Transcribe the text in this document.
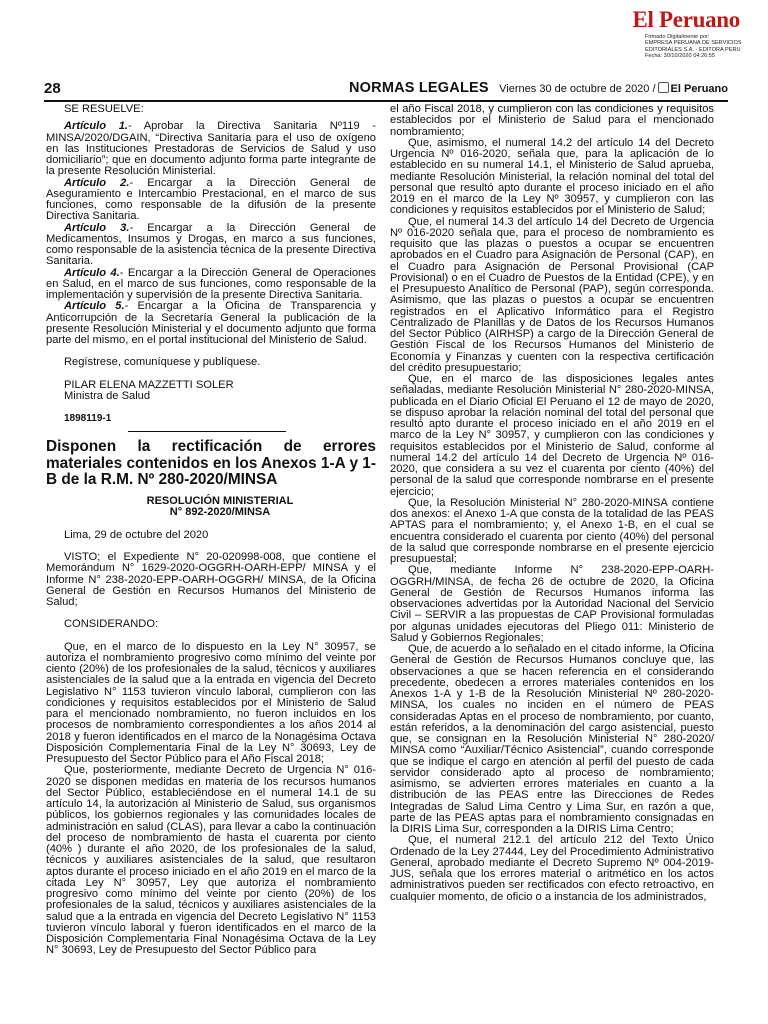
El Peruano
Firmado Digitalmente por:
EMPRESA PERUANA DE SERVICIOS
EDITORIALES S.A. - EDITORA PERU
Fecha: 30/10/2020 04:26:55
28	NORMAS LEGALES Viernes 30 de octubre de 2020 / El Peruano

SE RESUELVE:

Artículo 1.- Aprobar la Directiva Sanitaria Nº119 - MINSA/2020/DGAIN, “Directiva Sanitaria para el uso de oxígeno en las Instituciones Prestadoras de Servicios de Salud y uso domiciliario”; que en documento adjunto forma parte integrante de la presente Resolución Ministerial.

Artículo 2.- Encargar a la Dirección General de Aseguramiento e Intercambio Prestacional, en el marco de sus funciones, como responsable de la difusión de la presente Directiva Sanitaria.

Artículo 3.- Encargar a la Dirección General de Medicamentos, Insumos y Drogas, en marco a sus funciones, como responsable de la asistencia técnica de la presente Directiva Sanitaria.

Artículo 4.- Encargar a la Dirección General de Operaciones en Salud, en el marco de sus funciones, como responsable de la implementación y supervisión de la presente Directiva Sanitaria.

Artículo 5.- Encargar a la Oficina de Transparencia y Anticorrupción de la Secretaría General la publicación de la presente Resolución Ministerial y el documento adjunto que forma parte del mismo, en el portal institucional del Ministerio de Salud.

Regístrese, comuníquese y publíquese.

PILAR ELENA MAZZETTI SOLER

Ministra de Salud

1898119-1

Disponen la rectificación de errores materiales contenidos en los Anexos 1-A y 1-B de la R.M. Nº 280-2020/MINSA

RESOLUCIÓN MINISTERIAL

N° 892-2020/MINSA

Lima, 29 de octubre del 2020

VISTO; el Expediente N° 20-020998-008, que contiene el Memorándum N° 1629-2020-OGGRH-OARH-EPP/ MINSA y el Informe N° 238-2020-EPP-OARH-OGGRH/ MINSA, de la Oficina General de Gestión en Recursos Humanos del Ministerio de Salud;

CONSIDERANDO:

Que, en el marco de lo dispuesto en la Ley N° 30957, se autoriza el nombramiento progresivo como mínimo del veinte por ciento (20%) de los profesionales de la salud, técnicos y auxiliares asistenciales de la salud que a la entrada en vigencia del Decreto Legislativo N° 1153 tuvieron vínculo laboral, cumplieron con las condiciones y requisitos establecidos por el Ministerio de Salud para el mencionado nombramiento, no fueron incluidos en los procesos de nombramiento correspondientes a los años 2014 al 2018 y fueron identificados en el marco de la Nonagésima Octava Disposición Complementaria Final de la Ley N° 30693, Ley de Presupuesto del Sector Público para el Año Fiscal 2018;

Que, posteriormente, mediante Decreto de Urgencia N° 016-2020 se disponen medidas en materia de los recursos humanos del Sector Público, estableciéndose en el numeral 14.1 de su artículo 14, la autorización al Ministerio de Salud, sus organismos públicos, los gobiernos regionales y las comunidades locales de administración en salud (CLAS), para llevar a cabo la continuación del proceso de nombramiento de hasta el cuarenta por ciento (40% ) durante el año 2020, de los profesionales de la salud, técnicos y auxiliares asistenciales de la salud, que resultaron aptos durante el proceso iniciado en el año 2019 en el marco de la citada Ley N° 30957, Ley que autoriza el nombramiento progresivo como mínimo del veinte por ciento (20%) de los profesionales de la salud, técnicos y auxiliares asistenciales de la salud que a la entrada en vigencia del Decreto Legislativo N° 1153 tuvieron vínculo laboral y fueron identificados en el marco de la Disposición Complementaria Final Nonagésima Octava de la Ley N° 30693, Ley de Presupuesto del Sector Público para

el año Fiscal 2018, y cumplieron con las condiciones y requisitos establecidos por el Ministerio de Salud para el mencionado nombramiento;

Que, asimismo, el numeral 14.2 del artículo 14 del Decreto Urgencia Nº 016-2020, señala que, para la aplicación de lo establecido en su numeral 14.1, el Ministerio de Salud aprueba, mediante Resolución Ministerial, la relación nominal del total del personal que resultó apto durante el proceso iniciado en el año 2019 en el marco de la Ley Nº 30957, y cumplieron con las condiciones y requisitos establecidos por el Ministerio de Salud;

Que, el numeral 14.3 del artículo 14 del Decreto de Urgencia Nº 016-2020 señala que, para el proceso de nombramiento es requisito que las plazas o puestos a ocupar se encuentren aprobados en el Cuadro para Asignación de Personal (CAP), en el Cuadro para Asignación de Personal Provisional (CAP Provisional) o en el Cuadro de Puestos de la Entidad (CPE), y en el Presupuesto Analítico de Personal (PAP), según corresponda. Asimismo, que las plazas o puestos a ocupar se encuentren registrados en el Aplicativo Informático para el Registro Centralizado de Planillas y de Datos de los Recursos Humanos del Sector Público (AIRHSP) a cargo de la Dirección General de Gestión Fiscal de los Recursos Humanos del Ministerio de Economía y Finanzas y cuenten con la respectiva certificación del crédito presupuestario;

Que, en el marco de las disposiciones legales antes señaladas, mediante Resolución Ministerial N° 280-2020-MINSA, publicada en el Diario Oficial El Peruano el 12 de mayo de 2020, se dispuso aprobar la relación nominal del total del personal que resultó apto durante el proceso iniciado en el año 2019 en el marco de la Ley N° 30957, y cumplieron con las condiciones y requisitos establecidos por el Ministerio de Salud, conforme al numeral 14.2 del artículo 14 del Decreto de Urgencia Nº 016-2020, que considera a su vez el cuarenta por ciento (40%) del personal de la salud que corresponde nombrarse en el presente ejercicio;

Que, la Resolución Ministerial N° 280-2020-MINSA contiene dos anexos: el Anexo 1-A que consta de la totalidad de las PEAS APTAS para el nombramiento; y, el Anexo 1-B, en el cual se encuentra considerado el cuarenta por ciento (40%) del personal de la salud que corresponde nombrarse en el presente ejercicio presupuestal;

Que, mediante Informe N° 238-2020-EPP-OARH-OGGRH/MINSA, de fecha 26 de octubre de 2020, la Oficina General de Gestión de Recursos Humanos informa las observaciones advertidas por la Autoridad Nacional del Servicio Civil – SERVIR a las propuestas de CAP Provisional formuladas por algunas unidades ejecutoras del Pliego 011: Ministerio de Salud y Gobiernos Regionales;

Que, de acuerdo a lo señalado en el citado informe, la Oficina General de Gestión de Recursos Humanos concluye que, las observaciones a que se hacen referencia en el considerando precedente, obedecen a errores materiales contenidos en los Anexos 1-A y 1-B de la Resolución Ministerial Nº 280-2020-MINSA, los cuales no inciden en el número de PEAS consideradas Aptas en el proceso de nombramiento, por cuanto, están referidos, a la denominación del cargo asistencial, puesto que, se consignan en la Resolución Ministerial N° 280-2020/ MINSA como “Auxiliar/Técnico Asistencial”, cuando corresponde que se indique el cargo en atención al perfil del puesto de cada servidor considerado apto al proceso de nombramiento; asimismo, se advierten errores materiales en cuanto a la distribución de las PEAS entre las Direcciones de Redes Integradas de Salud Lima Centro y Lima Sur, en razón a que, parte de las PEAS aptas para el nombramiento consignadas en la DIRIS Lima Sur, corresponden a la DIRIS Lima Centro;

Que, el numeral 212.1 del artículo 212 del Texto Único Ordenado de la Ley 27444, Ley del Procedimiento Administrativo General, aprobado mediante el Decreto Supremo Nº 004-2019-JUS, señala que los errores material o aritmético en los actos administrativos pueden ser rectificados con efecto retroactivo, en cualquier momento, de oficio o a instancia de los administrados,
